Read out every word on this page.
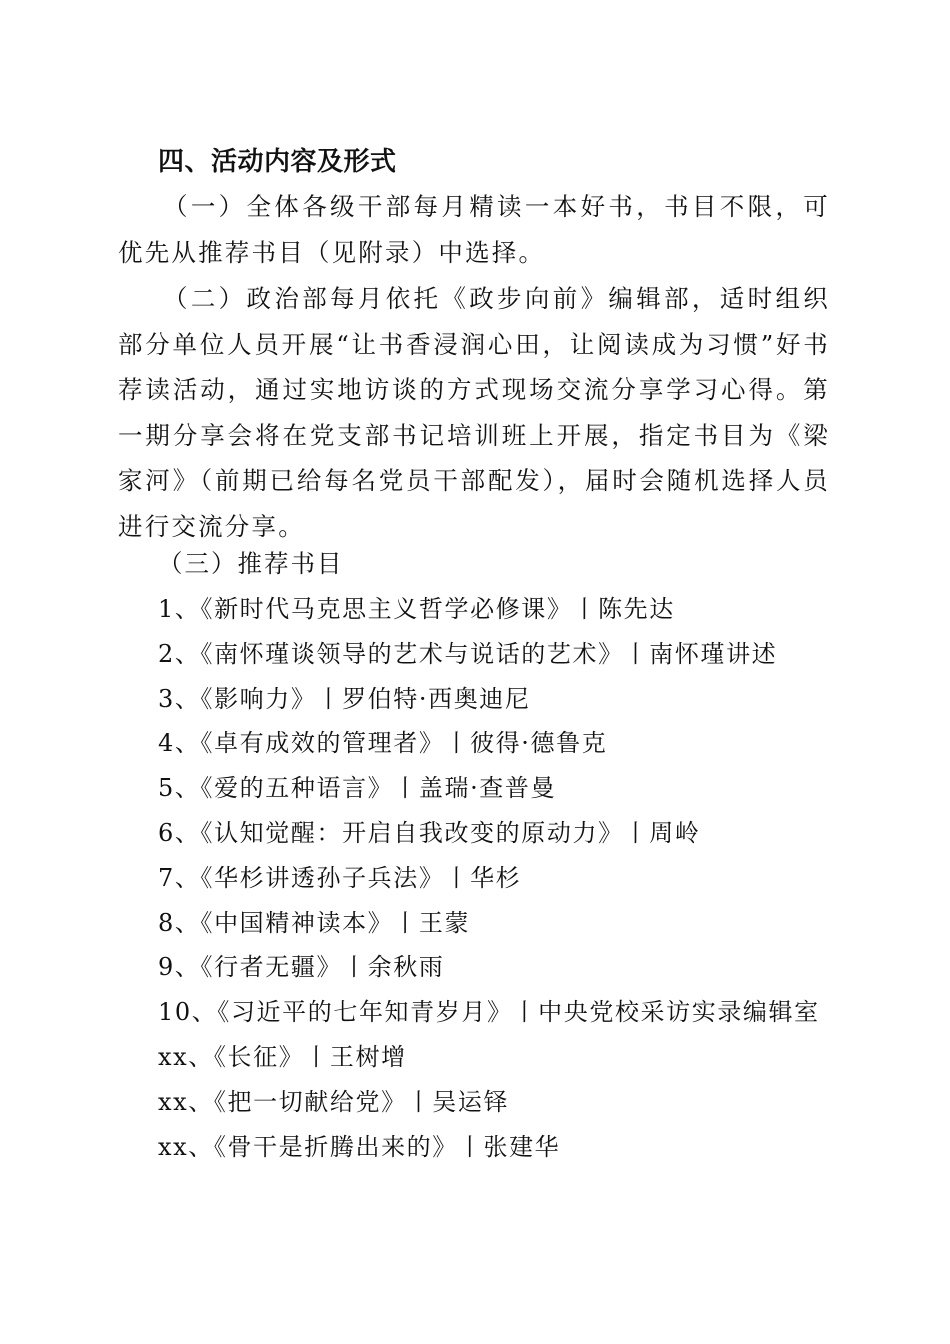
四、活动内容及形式

（一）全体各级干部每月精读一本好书，书目不限，可优先从推荐书目（见附录）中选择。

（二）政治部每月依托《政步向前》编辑部，适时组织部分单位人员开展“让书香浸润心田，让阅读成为习惯”好书荐读活动，通过实地访谈的方式现场交流分享学习心得。第一期分享会将在党支部书记培训班上开展，指定书目为《梁家河》（前期已给每名党员干部配发），届时会随机选择人员进行交流分享。

（三）推荐书目
1、《新时代马克思主义哲学必修课》丨陈先达
2、《南怀瑾谈领导的艺术与说话的艺术》丨南怀瑾讲述
3、《影响力》丨罗伯特·西奥迪尼
4、《卓有成效的管理者》丨彼得·德鲁克
5、《爱的五种语言》丨盖瑞·查普曼
6、《认知觉醒：开启自我改变的原动力》丨周岭
7、《华杉讲透孙子兵法》丨华杉
8、《中国精神读本》丨王蒙
9、《行者无疆》丨余秋雨
10、《习近平的七年知青岁月》丨中央党校采访实录编辑室
xx、《长征》丨王树增
xx、《把一切献给党》丨吴运铎
xx、《骨干是折腾出来的》丨张建华
